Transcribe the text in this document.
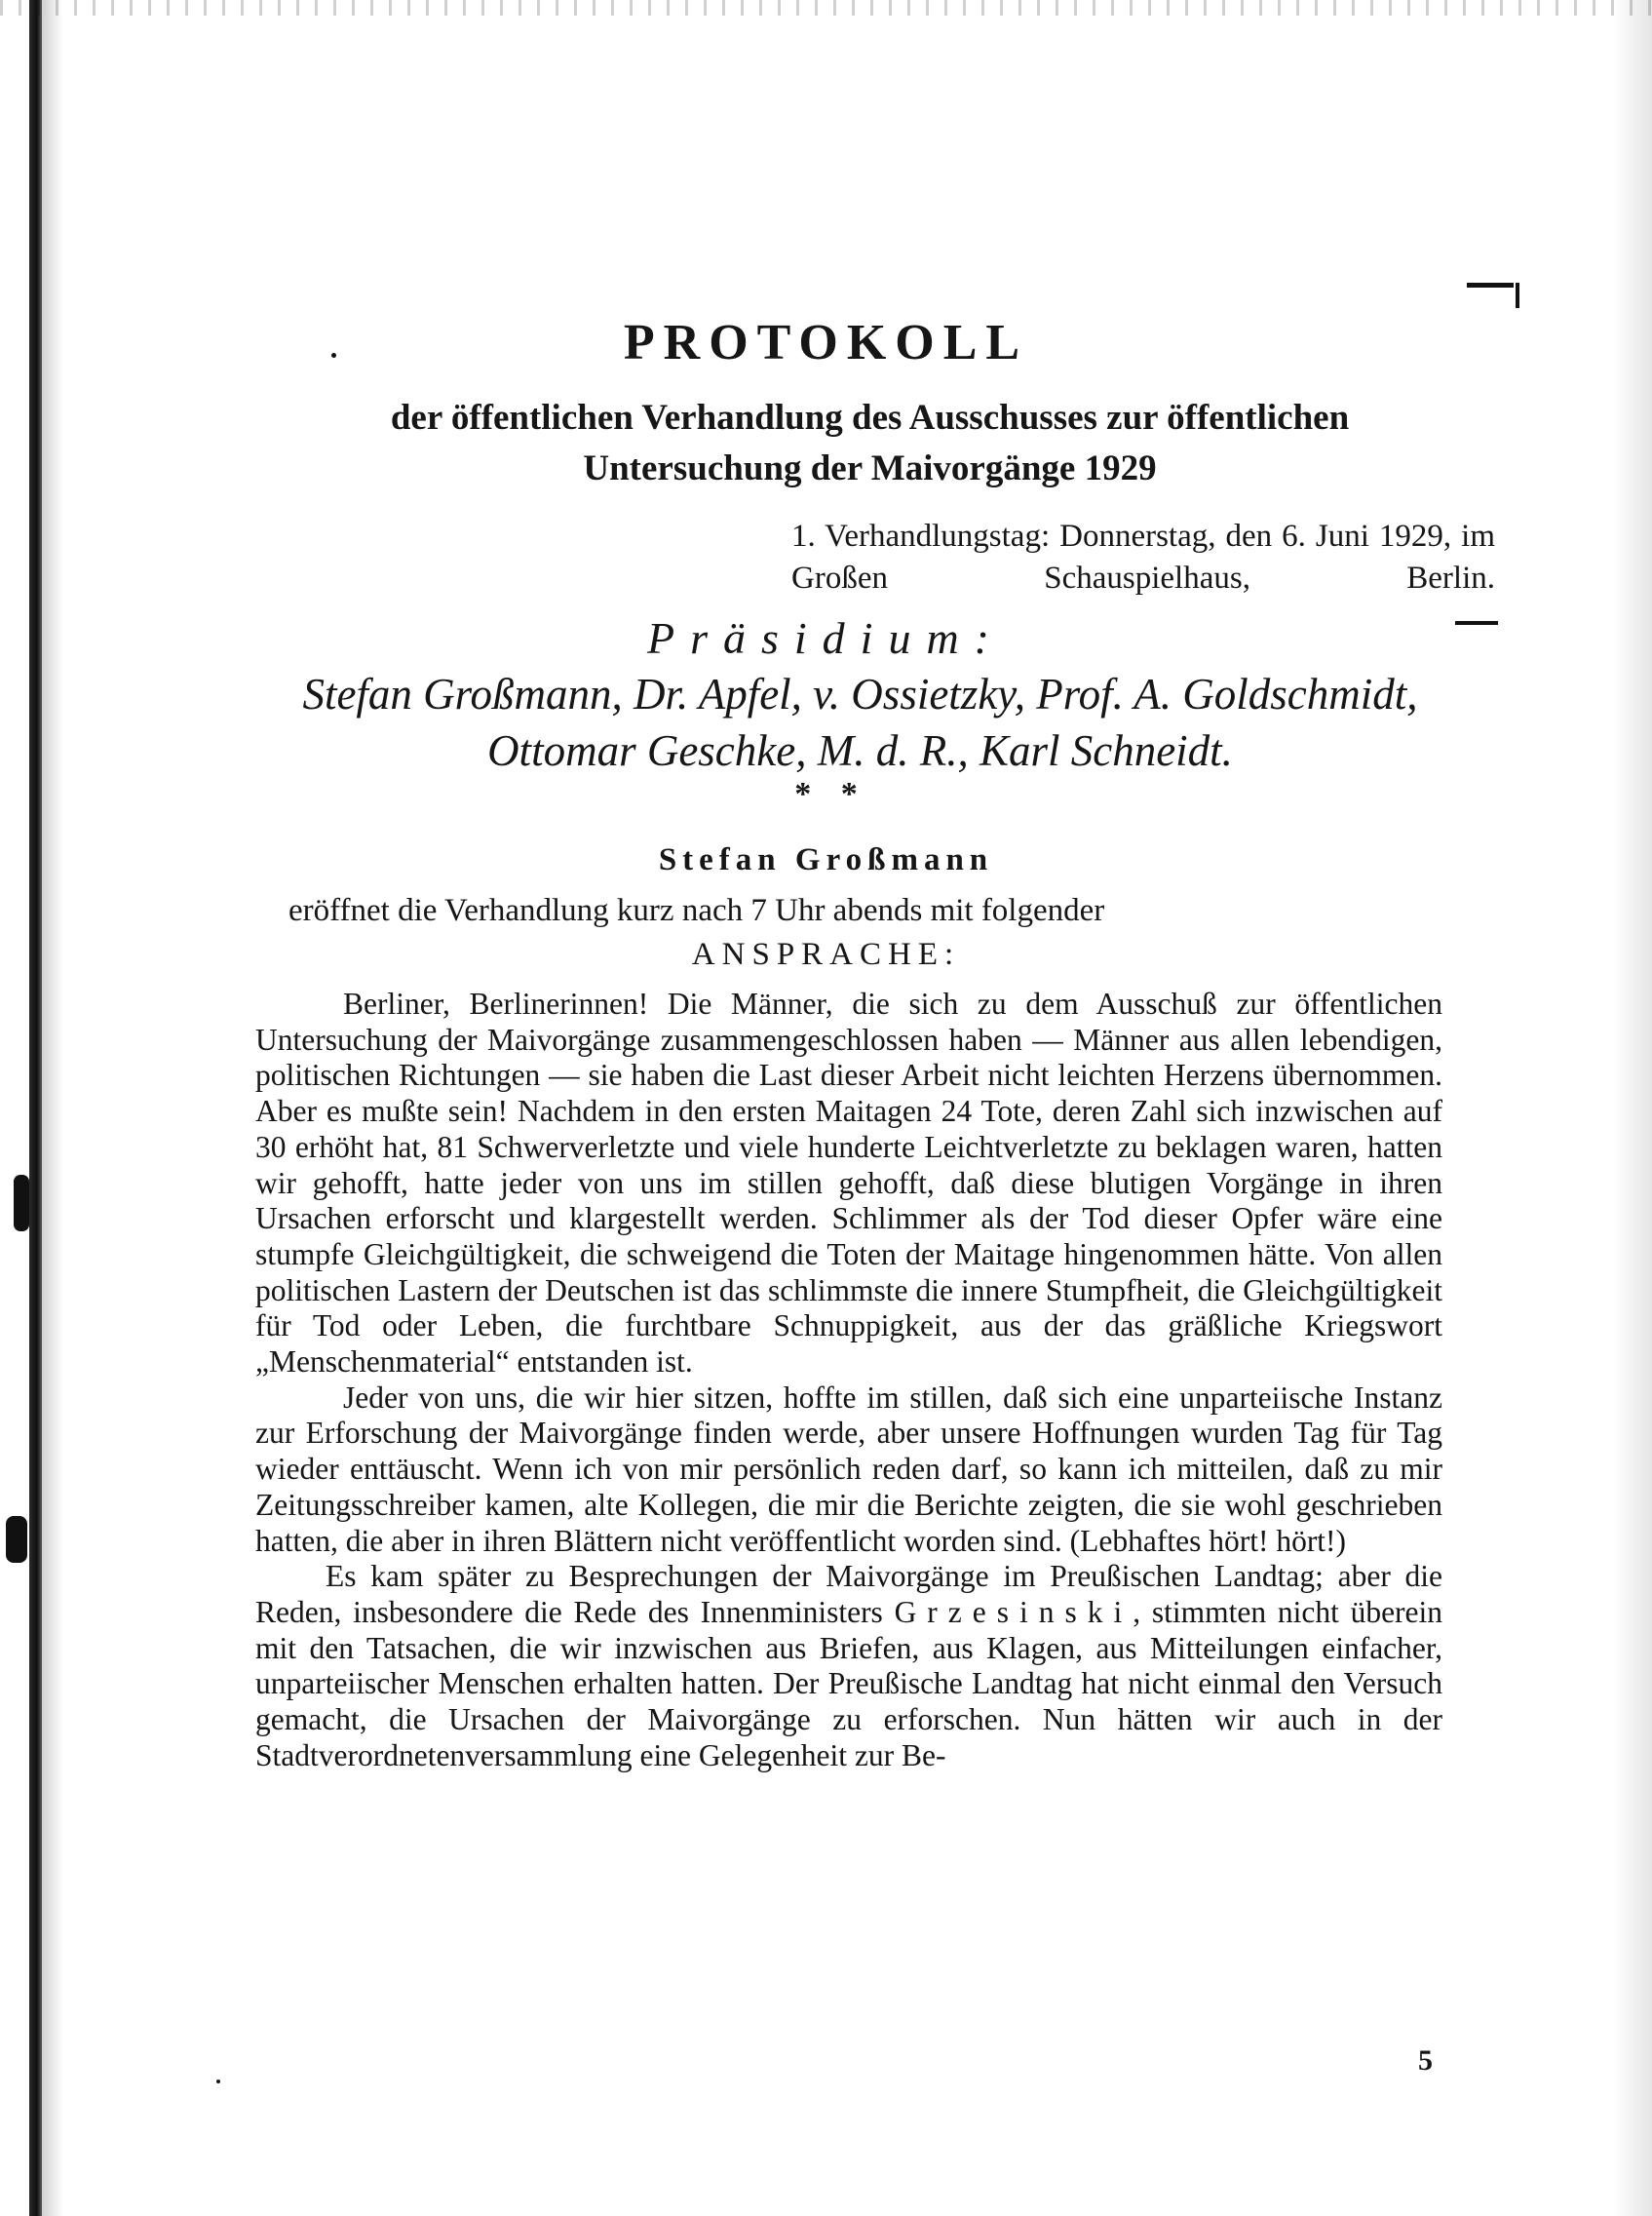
PROTOKOLL
der öffentlichen Verhandlung des Ausschusses zur öffentlichen Untersuchung der Maivorgänge 1929
1. Verhandlungstag: Donnerstag, den 6. Juni 1929, im Großen Schauspielhaus, Berlin.
Präsidium:
Stefan Großmann, Dr. Apfel, v. Ossietzky, Prof. A. Goldschmidt, Ottomar Geschke, M. d. R., Karl Schneidt.
* *
Stefan Großmann
eröffnet die Verhandlung kurz nach 7 Uhr abends mit folgender
ANSPRACHE:

Berliner, Berlinerinnen! Die Männer, die sich zu dem Ausschuß zur öffentlichen Untersuchung der Maivorgänge zusammengeschlossen haben — Männer aus allen lebendigen, politischen Richtungen — sie haben die Last dieser Arbeit nicht leichten Herzens übernommen. Aber es mußte sein! Nachdem in den ersten Maitagen 24 Tote, deren Zahl sich inzwischen auf 30 erhöht hat, 81 Schwerverletzte und viele hunderte Leichtverletzte zu beklagen waren, hatten wir gehofft, hatte jeder von uns im stillen gehofft, daß diese blutigen Vorgänge in ihren Ursachen erforscht und klargestellt werden. Schlimmer als der Tod dieser Opfer wäre eine stumpfe Gleichgültigkeit, die schweigend die Toten der Maitage hingenommen hätte. Von allen politischen Lastern der Deutschen ist das schlimmste die innere Stumpfheit, die Gleichgültigkeit für Tod oder Leben, die furchtbare Schnuppigkeit, aus der das gräßliche Kriegswort „Menschenmaterial“ entstanden ist.

Jeder von uns, die wir hier sitzen, hoffte im stillen, daß sich eine unparteiische Instanz zur Erforschung der Maivorgänge finden werde, aber unsere Hoffnungen wurden Tag für Tag wieder enttäuscht. Wenn ich von mir persönlich reden darf, so kann ich mitteilen, daß zu mir Zeitungsschreiber kamen, alte Kollegen, die mir die Berichte zeigten, die sie wohl geschrieben hatten, die aber in ihren Blättern nicht veröffentlicht worden sind. (Lebhaftes hört! hört!)

Es kam später zu Besprechungen der Maivorgänge im Preußischen Landtag; aber die Reden, insbesondere die Rede des Innenministers Grzesinski, stimmten nicht überein mit den Tatsachen, die wir inzwischen aus Briefen, aus Klagen, aus Mitteilungen einfacher, unparteiischer Menschen erhalten hatten. Der Preußische Landtag hat nicht einmal den Versuch gemacht, die Ursachen der Maivorgänge zu erforschen. Nun hätten wir auch in der Stadtverordnetenversammlung eine Gelegenheit zur Be-

5
